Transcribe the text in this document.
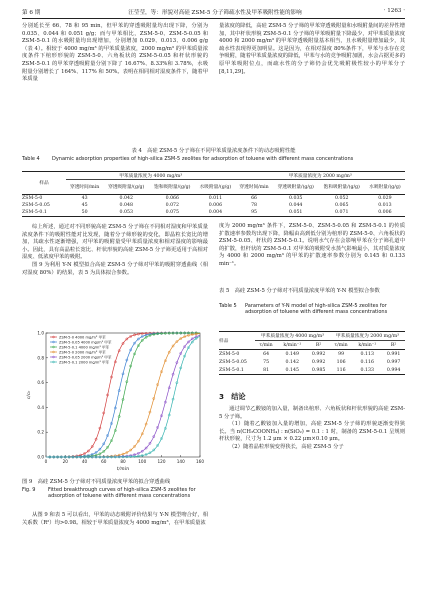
第 6 期	汪莹莹，等：形貌对高硅 ZSM-5 分子筛疏水性及甲苯吸附性能的影响	· 1263 ·

分别延长至 66、78 和 95 min，但甲苯的穿透吸附量均出现下降，分别为 0.035、0.044 和 0.051 g/g；而与甲苯相比，ZSM-5-0、ZSM-5-0.05 和 ZSM-5-0.1 的水吸附量均出现增加，分别增加 0.029、0.013、0.006 g/g（表 4）。相较于 4000 mg/m³ 的甲苯质量浓度，2000 mg/m³ 的甲苯质量浓度条件下棺形形貌的 ZSM-5-0、六角板状的 ZSM-5-0.05 和杆状形貌的 ZSM-5-0.1 的甲苯穿透吸附量分别下降了 16.67%、8.33%和 3.78%，水吸附量分别增长了 164%、117% 和 50%。表明在相同相对湿度条件下，随着甲苯质量

量浓度的降低，高硅 ZSM-5 分子筛的甲苯穿透吸附量和水吸附量间的差异性增加，其中杆状形貌 ZSM-5-0.1 分子筛的甲苯吸附量下降最少，对甲苯质量浓度 4000 和 2000 mg/m³ 的甲苯穿透吸附量基本相当，且水吸附量增加最少，其疏水性表现得更加明显。这是因为，在相对湿度 80%条件下，甲苯与水存在竞争吸附，随着甲苯质量浓度的降低，甲苯与水的竞争吸附加剧，水会占据更多的原甲苯吸附位点，而疏水性的分子筛仍会优先吸附极性较小的甲苯分子[8,11,29]。

表 4　高硅 ZSM-5 分子筛在不同甲苯质量浓度条件下的动态吸附性能
Table 4	Dynamic adsorption properties of high-silica ZSM-5 zeolites for adsorption of toluene with different mass concentrations
样品	甲苯质量浓度为 4000 mg/m³				甲苯质量浓度为 2000 mg/m³			
	穿透时间/min	穿透吸附量/(g/g)	饱和吸附量/(g/g)	水吸附量/(g/g)	穿透时间/min	穿透吸附量/(g/g)	饱和吸附量/(g/g)	水吸附量/(g/g)
ZSM-5-0	43	0.042	0.066	0.011	66	0.035	0.052	0.029
ZSM-5-0.05	45	0.048	0.072	0.006	78	0.044	0.065	0.013
ZSM-5-0.1	50	0.053	0.075	0.004	95	0.051	0.071	0.006

综上所述，通过对不同形貌高硅 ZSM-5 分子筛在不同相对湿度和甲苯质量浓度条件下的吸附性能对比发现，随着分子筛形貌的变化，即晶粒长宽比的增加，其疏水性逐渐增强，对甲苯的吸附量受甲苯质量浓度和相对湿度的影响最小。因此，具有高晶粒长宽比、杆状形貌的高硅 ZSM-5 分子筛更适用于高相对湿度、低浓度甲苯的吸附。

图 9 为利用 Y-N 模型拟合高硅 ZSM-5 分子筛对甲苯的吸附穿透曲线（相对湿度 80%）的结果，表 5 为具体拟合参数。

0	20	40	60	80	100	120	140	160
0.0
0.2
0.4
0.6
0.8
1.0
t/min
c/c₀
ZSM-5-0 4000 mg/m³ 甲苯
ZSM-5-0.05 4000 mg/m³ 甲苯
ZSM-5-0.1 4000 mg/m³ 甲苯
ZSM-5-0 2000 mg/m³ 甲苯
ZSM-5-0.05 2000 mg/m³ 甲苯
ZSM-5-0.1 2000 mg/m³ 甲苯
图 9　高硅 ZSM-5 分子筛对不同质量浓度甲苯的拟合穿透曲线
Fig. 9	Fitted breakthrough curves of high-silica ZSM-5 zeolites for adsorption of toluene with different mass concentrations

从图 9 和表 5 可以看出，甲苯的动态吸附评价结果与 Y-N 模型吻合好，相关系数（R²）均>0.98。相较于甲苯质量浓度为 4000 mg/m³，在甲苯质量浓

度为 2000 mg/m³ 条件下，ZSM-5-0、ZSM-5-0.05 和 ZSM-5-0.1 的传质扩散速率参数均出现下降，降幅由高到低分别为棺形的 ZSM-5-0、六角板状的 ZSM-5-0.05、杆状的 ZSM-5-0.1。说明水气存在会影响甲苯在分子筛孔道中的扩散，但杆状的 ZSM-5-0.1 对甲苯的吸附受水蒸气影响最小，其对质量浓度为 4000 和 2000 mg/m³ 的甲苯的扩散速率参数分别为 0.145 和 0.133 min⁻¹。

表 5　高硅 ZSM-5 分子筛对不同质量浓度甲苯的 Y-N 模型拟合参数
Table 5	Parameters of Y-N model of high-silica ZSM-5 zeolites for adsorption of toluene with different mass concentrations
样品	甲苯质量浓度为 4000 mg/m³			甲苯质量浓度为 2000 mg/m³		
	τ/min	k/min⁻¹	R²	τ/min	k/min⁻¹	R²
ZSM-5-0	64	0.149	0.992	99	0.113	0.991
ZSM-5-0.05	75	0.142	0.992	106	0.116	0.997
ZSM-5-0.1	81	0.145	0.985	116	0.133	0.994
3　结论

通过调节乙酸铵的加入量，制备出棺形、六角板状和杆状形貌的高硅 ZSM-5 分子筛。

（1）随着乙酸铵加入量的增加，高硅 ZSM-5 分子筛的形貌逐渐变得狭长。当 n(CH₃COONH₄) : n(SiO₂) = 0.1 : 1 时，制备的 ZSM-5-0.1 呈规则杆状形貌，尺寸为 1.2 μm × 0.22 μm×0.10 μm。

（2）随着晶粒形貌变得狭长，高硅 ZSM-5 分子
